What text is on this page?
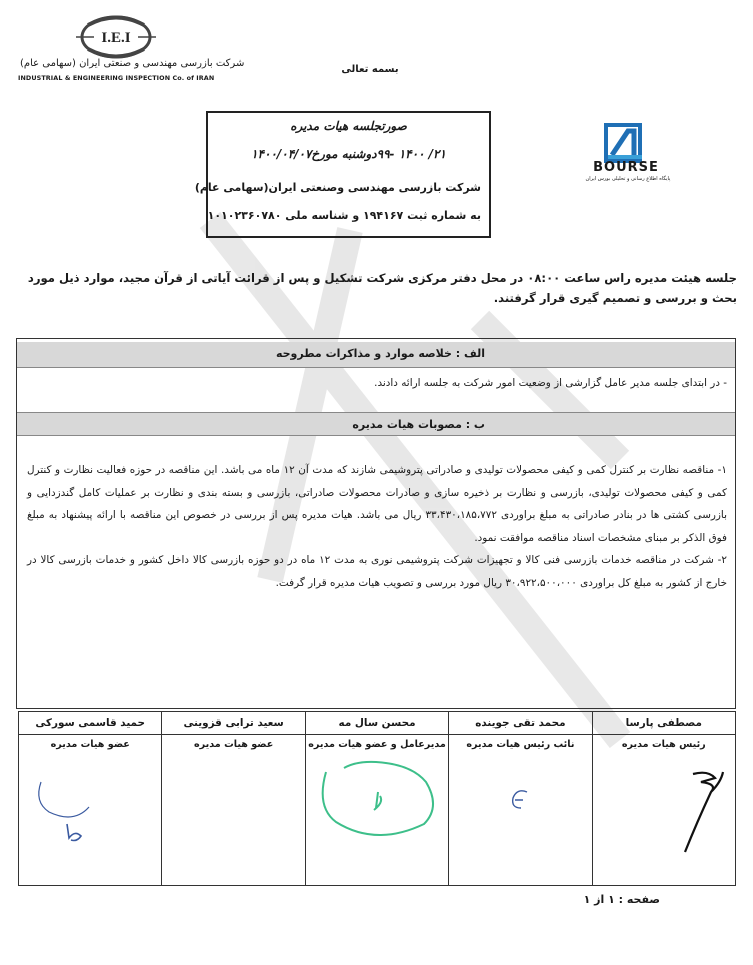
I.E.I
شرکت بازرسی مهندسی و صنعتی ایران (سهامی عام)
INDUSTRIAL & ENGINEERING INSPECTION Co. of IRAN
بسمه تعالی
صورتجلسه هیات مدیره
۲۱/ ۱۴۰۰ -۹۹دوشنبه مورخ۱۴۰۰/۰۴/۰۷
شرکت بازرسی مهندسی وصنعتی ایران(سهامی عام)
به شماره ثبت ۱۹۴۱۶۷ و شناسه ملی ۱۰۱۰۲۳۶۰۷۸۰
BOURSE
پایگاه اطلاع رسانی و تحلیلی بورس ایران
جلسه هیئت مدیره راس ساعت ۰۸:۰۰ در محل دفتر مرکزی شرکت تشکیل و پس از قرائت آیاتی از قرآن مجید، موارد ذیل مورد بحث و بررسی و تصمیم گیری قرار گرفتند.
الف : خلاصه موارد و مذاکرات مطروحه
- در ابتدای جلسه مدیر عامل گزارشی از وضعیت امور شرکت به جلسه ارائه دادند.
ب : مصوبات هیات مدیره

۱- مناقصه نظارت بر کنترل کمی و کیفی محصولات تولیدی و صادراتی پتروشیمی شازند که مدت آن ۱۲ ماه می باشد. این مناقصه در حوزه فعالیت نظارت و کنترل کمی و کیفی محصولات تولیدی، بازرسی و نظارت بر ذخیره سازی و صادرات محصولات صادراتی، بازرسی و بسته بندی و نظارت بر عملیات کامل گندزدایی و بازرسی کشتی ها در بنادر صادراتی به مبلغ براوردی ۳۳،۴۳۰،۱۸۵،۷۷۲ ریال می باشد. هیات مدیره پس از بررسی در خصوص این مناقصه با ارائه پیشنهاد به مبلغ فوق الذکر بر مبنای مشخصات اسناد مناقصه موافقت نمود.

۲- شرکت در مناقصه خدمات بازرسی فنی کالا و تجهیزات شرکت پتروشیمی نوری به مدت ۱۲ ماه در دو حوزه بازرسی کالا داخل کشور و خدمات بازرسی کالا در خارج از کشور به مبلغ کل براوردی ۳۰،۹۲۲،۵۰۰،۰۰۰ ریال مورد بررسی و تصویب هیات مدیره قرار گرفت.

مصطفی پارسا
رئیس هیات مدیره

محمد تقی جوینده
نائب رئیس هیات مدیره

محسن سال مه
مدیرعامل و عضو هیات مدیره

سعید ترابی قزوینی
عضو هیات مدیره

حمید قاسمی سورکی
عضو هیات مدیره
صفحه : ۱ از ۱
